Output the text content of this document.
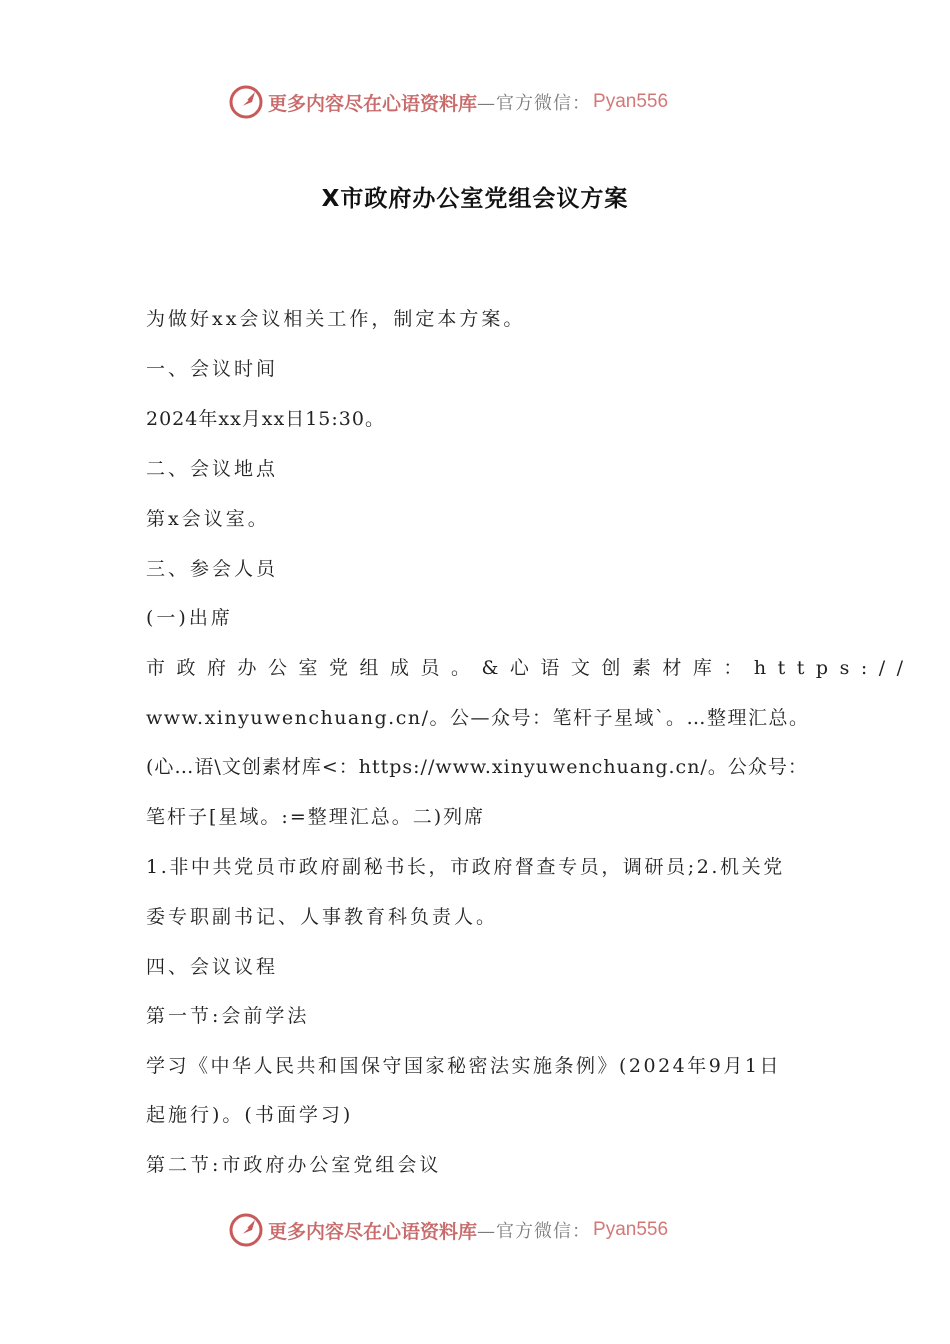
更多内容尽在心语资料库 —官方微信： Pyan556
X市政府办公室党组会议方案
为做好xx会议相关工作，制定本方案。
一、会议时间
2024年xx月xx日15:30。
二、会议地点
第x会议室。
三、参会人员
(一)出席
市政府办公室党组成员。&心语文创素材库：https://
www.xinyuwenchuang.cn/。公—众号：笔杆子星域`。…整理汇总。
(心…语\文创素材库<：https://www.xinyuwenchuang.cn/。公众号：
笔杆子[星域。:=整理汇总。二)列席
1.非中共党员市政府副秘书长，市政府督查专员，调研员;2.机关党
委专职副书记、人事教育科负责人。
四、会议议程
第一节:会前学法
学习《中华人民共和国保守国家秘密法实施条例》(2024年9月1日
起施行)。(书面学习)
第二节:市政府办公室党组会议
更多内容尽在心语资料库 —官方微信： Pyan556
